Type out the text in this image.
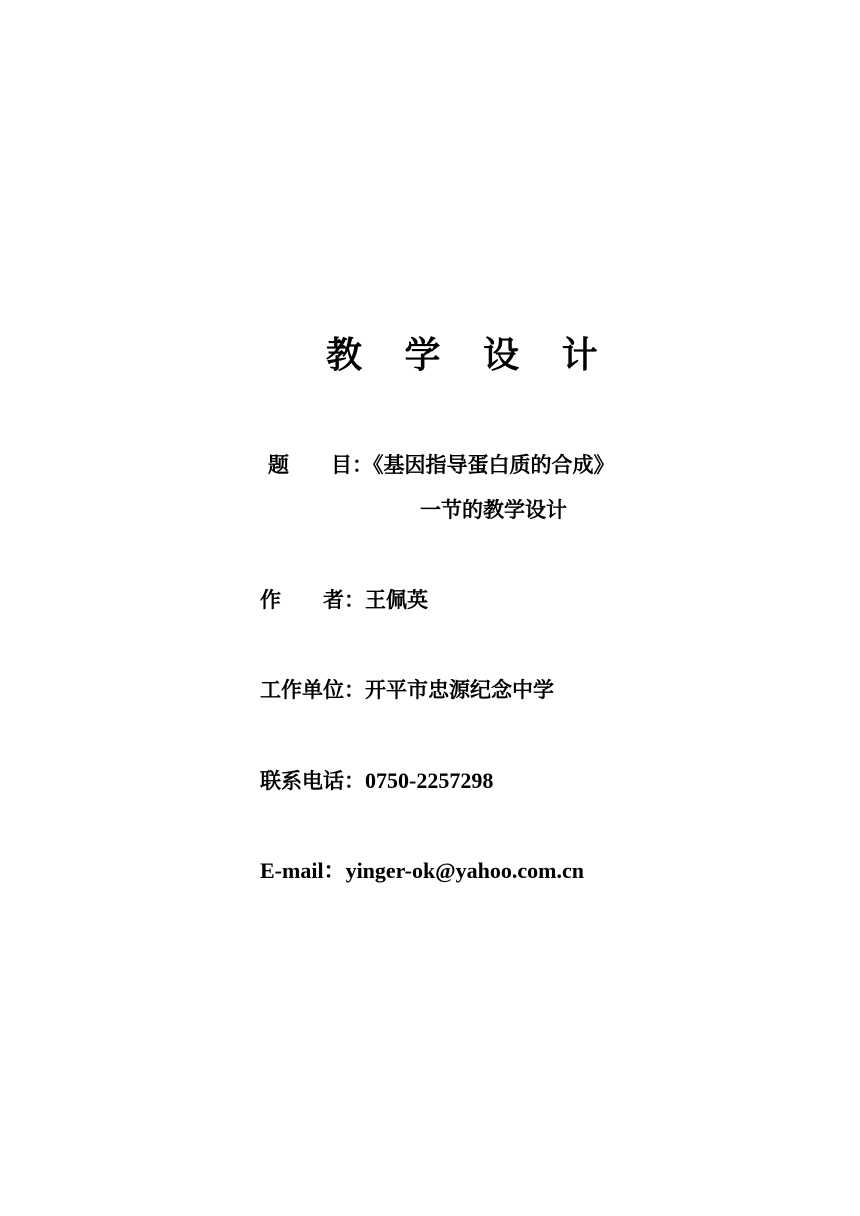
教 学 设 计
题　　目：《基因指导蛋白质的合成》
一节的教学设计
作　　者：王佩英
工作单位：开平市忠源纪念中学
联系电话：0750-2257298
E-mail：yinger-ok@yahoo.com.cn
